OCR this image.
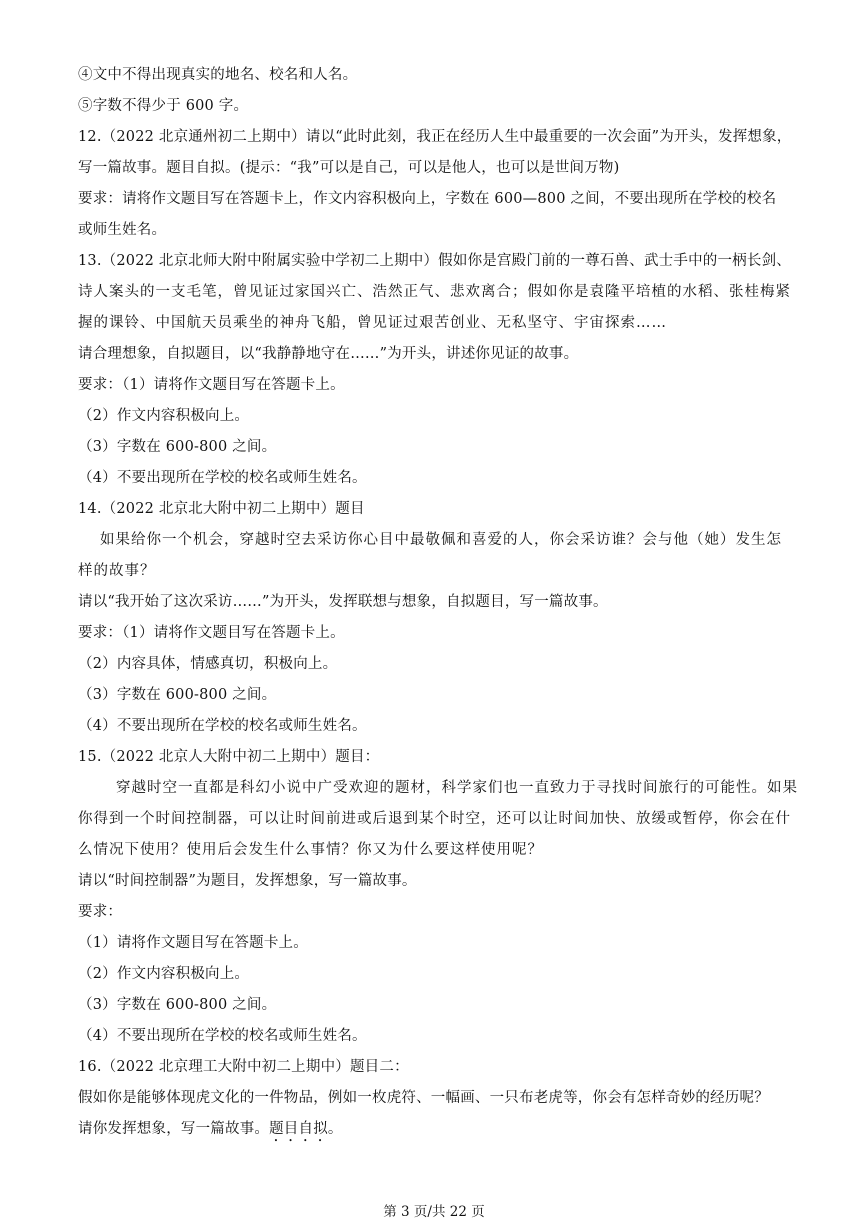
④文中不得出现真实的地名、校名和人名。
⑤字数不得少于 600 字。
12.（2022 北京通州初二上期中）请以“此时此刻，我正在经历人生中最重要的一次会面”为开头，发挥想象，
写一篇故事。题目自拟。(提示：“我”可以是自己，可以是他人，也可以是世间万物)
要求：请将作文题目写在答题卡上，作文内容积极向上，字数在 600—800 之间，不要出现所在学校的校名
或师生姓名。
13.（2022 北京北师大附中附属实验中学初二上期中）假如你是宫殿门前的一尊石兽、武士手中的一柄长剑、
诗人案头的一支毛笔，曾见证过家国兴亡、浩然正气、悲欢离合；假如你是袁隆平培植的水稻、张桂梅紧
握的课铃、中国航天员乘坐的神舟飞船，曾见证过艰苦创业、无私坚守、宇宙探索……
请合理想象，自拟题目，以“我静静地守在……”为开头，讲述你见证的故事。
要求：（1）请将作文题目写在答题卡上。
（2）作文内容积极向上。
（3）字数在 600-800 之间。
（4）不要出现所在学校的校名或师生姓名。
14.（2022 北京北大附中初二上期中）题目
如果给你一个机会，穿越时空去采访你心目中最敬佩和喜爱的人，你会采访谁？会与他（她）发生怎
样的故事？
请以“我开始了这次采访……”为开头，发挥联想与想象，自拟题目，写一篇故事。
要求：（1）请将作文题目写在答题卡上。
（2）内容具体，情感真切，积极向上。
（3）字数在 600-800 之间。
（4）不要出现所在学校的校名或师生姓名。
15.（2022 北京人大附中初二上期中）题目：
穿越时空一直都是科幻小说中广受欢迎的题材，科学家们也一直致力于寻找时间旅行的可能性。如果
你得到一个时间控制器，可以让时间前进或后退到某个时空，还可以让时间加快、放缓或暂停，你会在什
么情况下使用？使用后会发生什么事情？你又为什么要这样使用呢？
请以“时间控制器”为题目，发挥想象，写一篇故事。
要求：
（1）请将作文题目写在答题卡上。
（2）作文内容积极向上。
（3）字数在 600-800 之间。
（4）不要出现所在学校的校名或师生姓名。
16.（2022 北京理工大附中初二上期中）题目二：
假如你是能够体现虎文化的一件物品，例如一枚虎符、一幅画、一只布老虎等，你会有怎样奇妙的经历呢？
请你发挥想象，写一篇故事。题目自拟。
第 3 页/共 22 页
